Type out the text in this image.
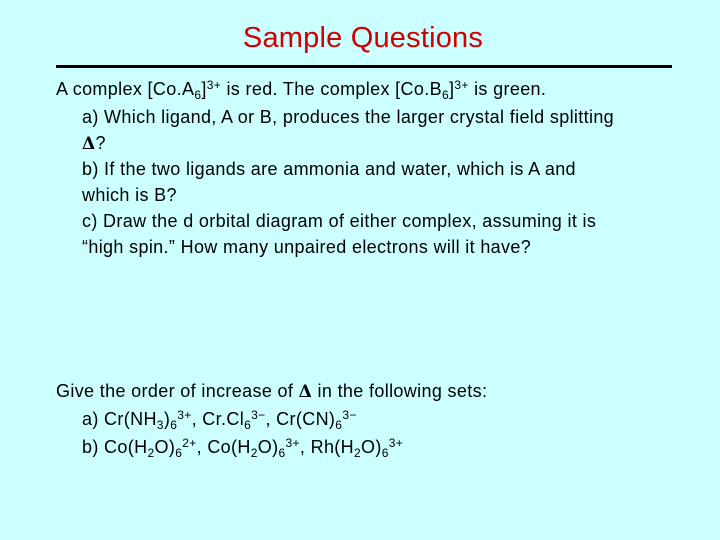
Sample Questions
A complex $[Co.A_6]^{3+}$ is red. The complex $[Co.B_6]^{3+}$ is green.
a) Which ligand, A or B, produces the larger crystal field splitting
Δ?
b) If the two ligands are ammonia and water, which is A and
which is B?
c) Draw the d orbital diagram of either complex, assuming it is
“high spin.” How many unpaired electrons will it have?
Give the order of increase of Δ in the following sets:
a) $Cr(NH_3)_6^{3+}$, $Cr.Cl_6^{3-}$, $Cr(CN)_6^{3-}$
b) $Co(H_2O)_6^{2+}$, $Co(H_2O)_6^{3+}$, $Rh(H_2O)_6^{3+}$
